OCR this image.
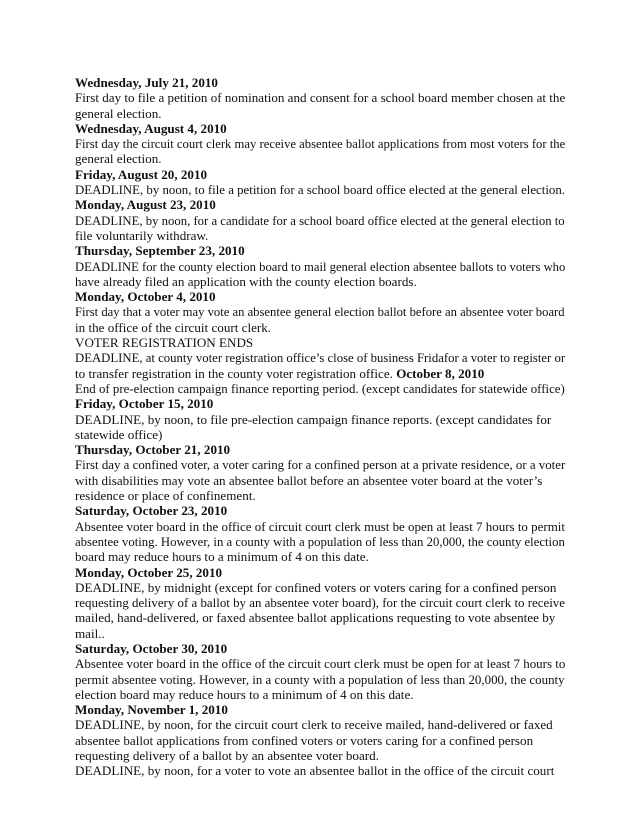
Wednesday, July 21, 2010
First day to file a petition of nomination and consent for a school board member chosen at the
general election.
Wednesday, August 4, 2010
First day the circuit court clerk may receive absentee ballot applications from most voters for the
general election.
Friday, August 20, 2010
DEADLINE, by noon, to file a petition for a school board office elected at the general election.
Monday, August 23, 2010
DEADLINE, by noon, for a candidate for a school board office elected at the general election to
file voluntarily withdraw.
Thursday, September 23, 2010
DEADLINE for the county election board to mail general election absentee ballots to voters who
have already filed an application with the county election boards.
Monday, October 4, 2010
First day that a voter may vote an absentee general election ballot before an absentee voter board
in the office of the circuit court clerk.
VOTER REGISTRATION ENDS
DEADLINE, at county voter registration office’s close of business Fridafor a voter to register or
to transfer registration in the county voter registration office. October 8, 2010
End of pre-election campaign finance reporting period. (except candidates for statewide office)
Friday, October 15, 2010
DEADLINE, by noon, to file pre-election campaign finance reports. (except candidates for
statewide office)
Thursday, October 21, 2010
First day a confined voter, a voter caring for a confined person at a private residence, or a voter
with disabilities may vote an absentee ballot before an absentee voter board at the voter’s
residence or place of confinement.
Saturday, October 23, 2010
Absentee voter board in the office of circuit court clerk must be open at least 7 hours to permit
absentee voting. However, in a county with a population of less than 20,000, the county election
board may reduce hours to a minimum of 4 on this date.
Monday, October 25, 2010
DEADLINE, by midnight (except for confined voters or voters caring for a confined person
requesting delivery of a ballot by an absentee voter board), for the circuit court clerk to receive
mailed, hand-delivered, or faxed absentee ballot applications requesting to vote absentee by
mail..
Saturday, October 30, 2010
Absentee voter board in the office of the circuit court clerk must be open for at least 7 hours to
permit absentee voting. However, in a county with a population of less than 20,000, the county
election board may reduce hours to a minimum of 4 on this date.
Monday, November 1, 2010
DEADLINE, by noon, for the circuit court clerk to receive mailed, hand-delivered or faxed
absentee ballot applications from confined voters or voters caring for a confined person
requesting delivery of a ballot by an absentee voter board.
DEADLINE, by noon, for a voter to vote an absentee ballot in the office of the circuit court
